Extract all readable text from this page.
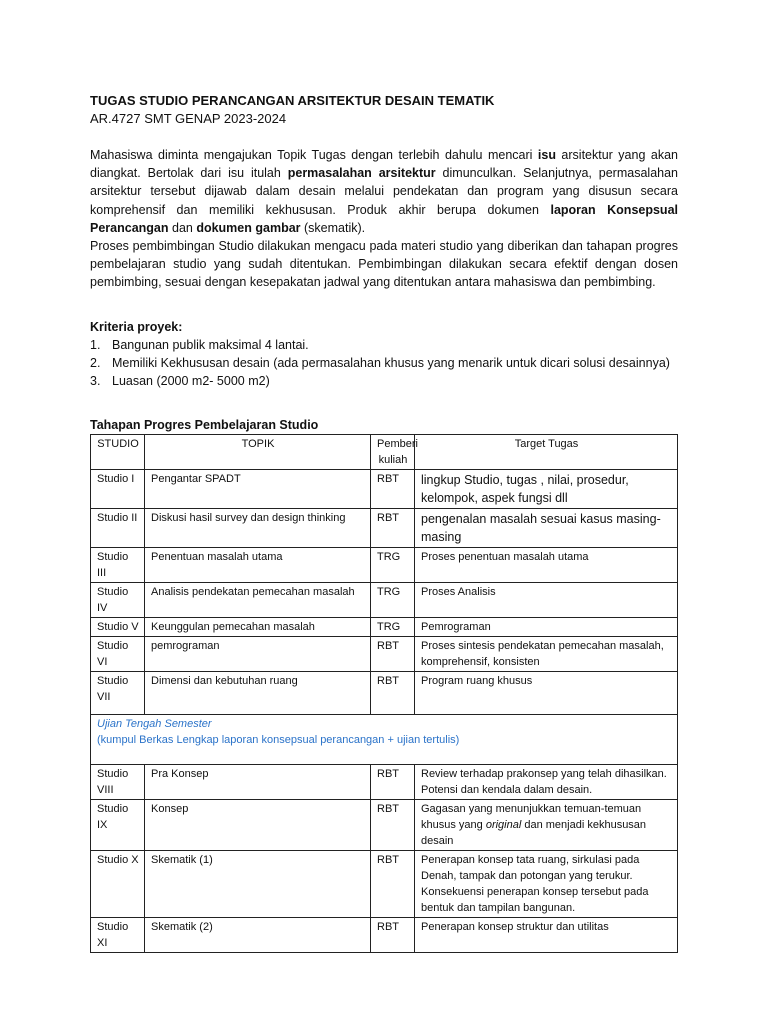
TUGAS STUDIO PERANCANGAN ARSITEKTUR DESAIN TEMATIK

AR.4727 SMT GENAP 2023-2024

Mahasiswa diminta mengajukan Topik Tugas dengan terlebih dahulu mencari isu arsitektur yang akan diangkat. Bertolak dari isu itulah permasalahan arsitektur dimunculkan. Selanjutnya, permasalahan arsitektur tersebut dijawab dalam desain melalui pendekatan dan program yang disusun secara komprehensif dan memiliki kekhususan. Produk akhir berupa dokumen laporan Konsepsual Perancangan dan dokumen gambar (skematik).

Proses pembimbingan Studio dilakukan mengacu pada materi studio yang diberikan dan tahapan progres pembelajaran studio yang sudah ditentukan. Pembimbingan dilakukan secara efektif dengan dosen pembimbing, sesuai dengan kesepakatan jadwal yang ditentukan antara mahasiswa dan pembimbing.

Kriteria proyek:

1. Bangunan publik maksimal 4 lantai.
2. Memiliki Kekhususan desain (ada permasalahan khusus yang menarik untuk dicari solusi desainnya)
3. Luasan (2000 m2- 5000 m2)

Tahapan Progres Pembelajaran Studio

STUDIO	TOPIK	Pemberi kuliah	Target Tugas
Studio I	Pengantar SPADT	RBT	lingkup Studio, tugas , nilai, prosedur, kelompok, aspek fungsi dll
Studio II	Diskusi hasil survey dan design thinking	RBT	pengenalan masalah sesuai kasus masing-masing
Studio III	Penentuan masalah utama	TRG	Proses penentuan masalah utama
Studio IV	Analisis pendekatan pemecahan masalah	TRG	Proses Analisis
Studio V	Keunggulan pemecahan masalah	TRG	Pemrograman
Studio VI	pemrograman	RBT	Proses sintesis pendekatan pemecahan masalah, komprehensif, konsisten
Studio VII	Dimensi dan kebutuhan ruang	RBT	Program ruang khusus
Ujian Tengah Semester
(kumpul Berkas Lengkap laporan konsepsual perancangan + ujian tertulis)			
Studio VIII	Pra Konsep	RBT	Review terhadap prakonsep yang telah dihasilkan. Potensi dan kendala dalam desain.
Studio IX	Konsep	RBT	Gagasan yang menunjukkan temuan-temuan khusus yang original dan menjadi kekhususan desain
Studio X	Skematik (1)	RBT	Penerapan konsep tata ruang, sirkulasi pada Denah, tampak dan potongan yang terukur. Konsekuensi penerapan konsep tersebut pada bentuk dan tampilan bangunan.
Studio XI	Skematik (2)	RBT	Penerapan konsep struktur dan utilitas
